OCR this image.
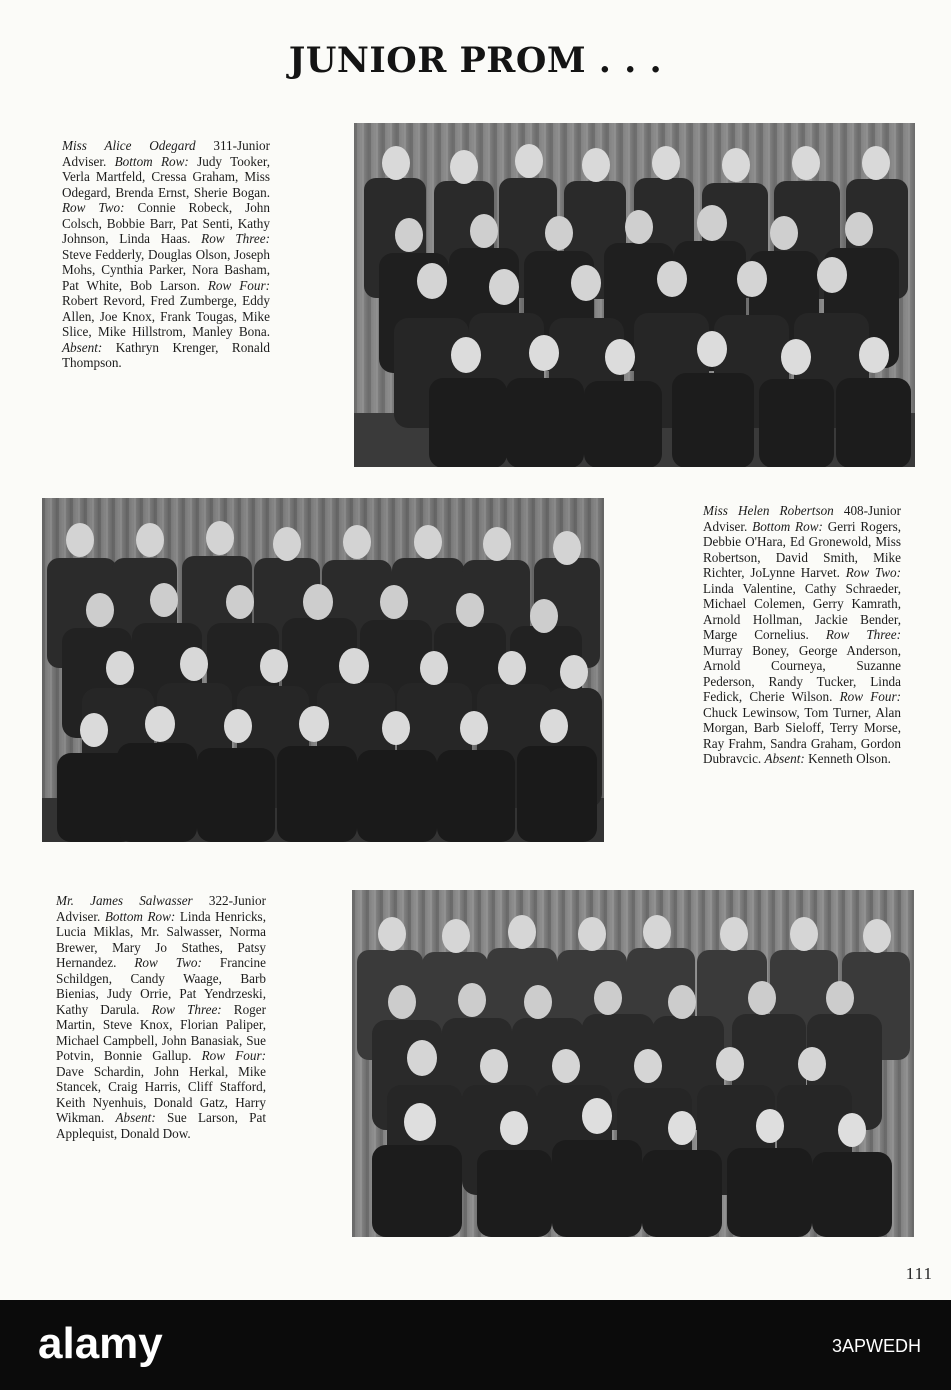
JUNIOR PROM . . .
Miss Alice Odegard 311-Junior Adviser. Bottom Row: Judy Tooker, Verla Martfeld, Cressa Graham, Miss Odegard, Brenda Ernst, Sherie Bogan. Row Two: Connie Robeck, John Colsch, Bobbie Barr, Pat Senti, Kathy Johnson, Linda Haas. Row Three: Steve Fedderly, Douglas Olson, Joseph Mohs, Cynthia Parker, Nora Basham, Pat White, Bob Larson. Row Four: Robert Revord, Fred Zumberge, Eddy Allen, Joe Knox, Frank Tougas, Mike Slice, Mike Hillstrom, Manley Bona. Absent: Kathryn Krenger, Ronald Thompson.
Miss Helen Robertson 408-Junior Adviser. Bottom Row: Gerri Rogers, Debbie O'Hara, Ed Gronewold, Miss Robertson, David Smith, Mike Richter, JoLynne Harvet. Row Two: Linda Valentine, Cathy Schraeder, Michael Colemen, Gerry Kamrath, Arnold Hollman, Jackie Bender, Marge Cornelius. Row Three: Murray Boney, George Anderson, Arnold Courneya, Suzanne Pederson, Randy Tucker, Linda Fedick, Cherie Wilson. Row Four: Chuck Lewinsow, Tom Turner, Alan Morgan, Barb Sieloff, Terry Morse, Ray Frahm, Sandra Graham, Gordon Dubravcic. Absent: Kenneth Olson.
Mr. James Salwasser 322-Junior Adviser. Bottom Row: Linda Henricks, Lucia Miklas, Mr. Salwasser, Norma Brewer, Mary Jo Stathes, Patsy Hernandez. Row Two: Francine Schildgen, Candy Waage, Barb Bienias, Judy Orrie, Pat Yendrzeski, Kathy Darula. Row Three: Roger Martin, Steve Knox, Florian Paliper, Michael Campbell, John Banasiak, Sue Potvin, Bonnie Gallup. Row Four: Dave Schardin, John Herkal, Mike Stancek, Craig Harris, Cliff Stafford, Keith Nyenhuis, Donald Gatz, Harry Wikman. Absent: Sue Larson, Pat Applequist, Donald Dow.
111
alamy	3APWEDH
